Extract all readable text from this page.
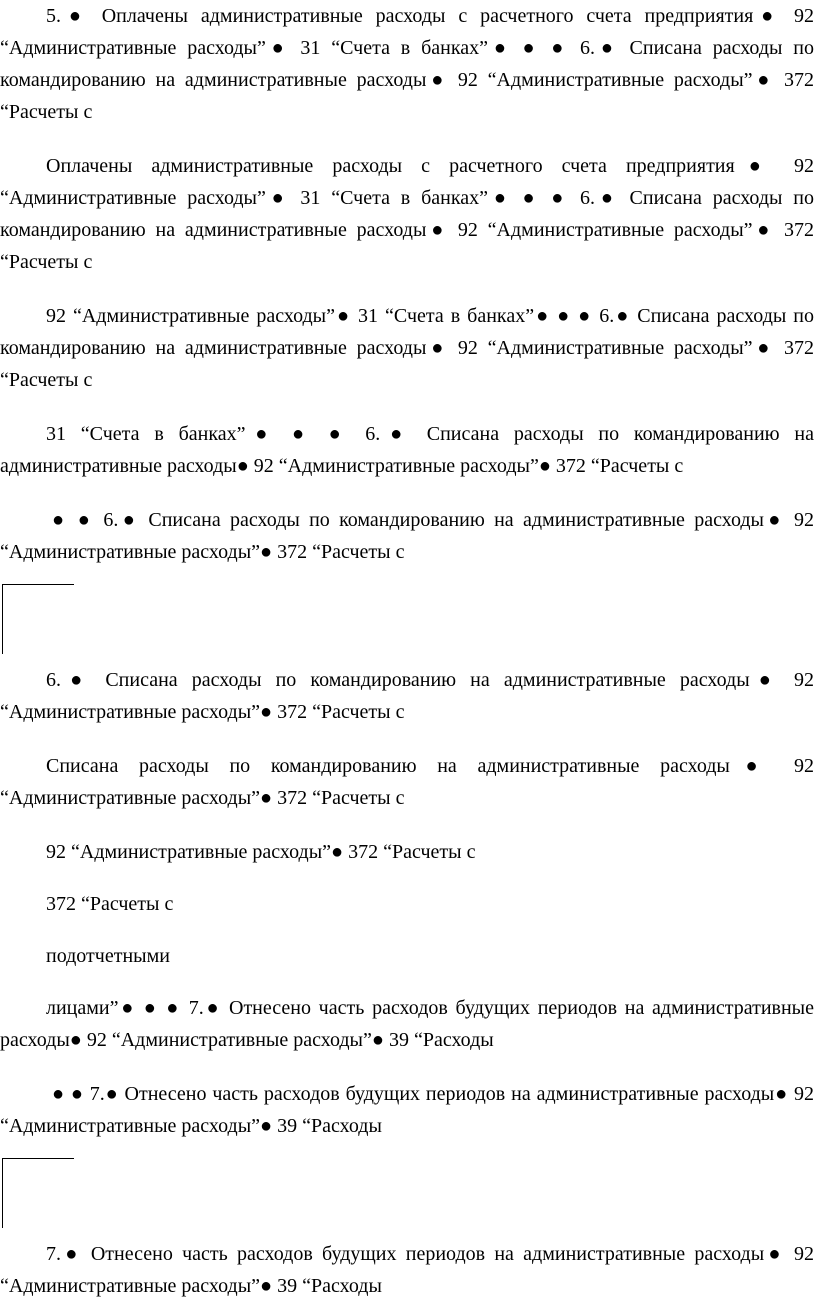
5.● Оплачены административные расходы с расчетного счета предприятия● 92 “Административные расходы”● 31 “Счета в банках”● ● ● 6.● Списана расходы по командированию на административные расходы● 92 “Административные расходы”● 372 “Расчеты с

Оплачены административные расходы с расчетного счета предприятия● 92 “Административные расходы”● 31 “Счета в банках”● ● ● 6.● Списана расходы по командированию на административные расходы● 92 “Административные расходы”● 372 “Расчеты с

92 “Административные расходы”● 31 “Счета в банках”● ● ● 6.● Списана расходы по командированию на административные расходы● 92 “Административные расходы”● 372 “Расчеты с

31 “Счета в банках”● ● ● 6.● Списана расходы по командированию на административные расходы● 92 “Административные расходы”● 372 “Расчеты с

● ● 6.● Списана расходы по командированию на административные расходы● 92 “Административные расходы”● 372 “Расчеты с

6.● Списана расходы по командированию на административные расходы● 92 “Административные расходы”● 372 “Расчеты с

Списана расходы по командированию на административные расходы● 92 “Административные расходы”● 372 “Расчеты с

92 “Административные расходы”● 372 “Расчеты с

372 “Расчеты с

подотчетными

лицами”● ● ● 7.● Отнесено часть расходов будущих периодов на административные расходы● 92 “Административные расходы”● 39 “Расходы

● ● 7.● Отнесено часть расходов будущих периодов на административные расходы● 92 “Административные расходы”● 39 “Расходы

7.● Отнесено часть расходов будущих периодов на административные расходы● 92 “Административные расходы”● 39 “Расходы
